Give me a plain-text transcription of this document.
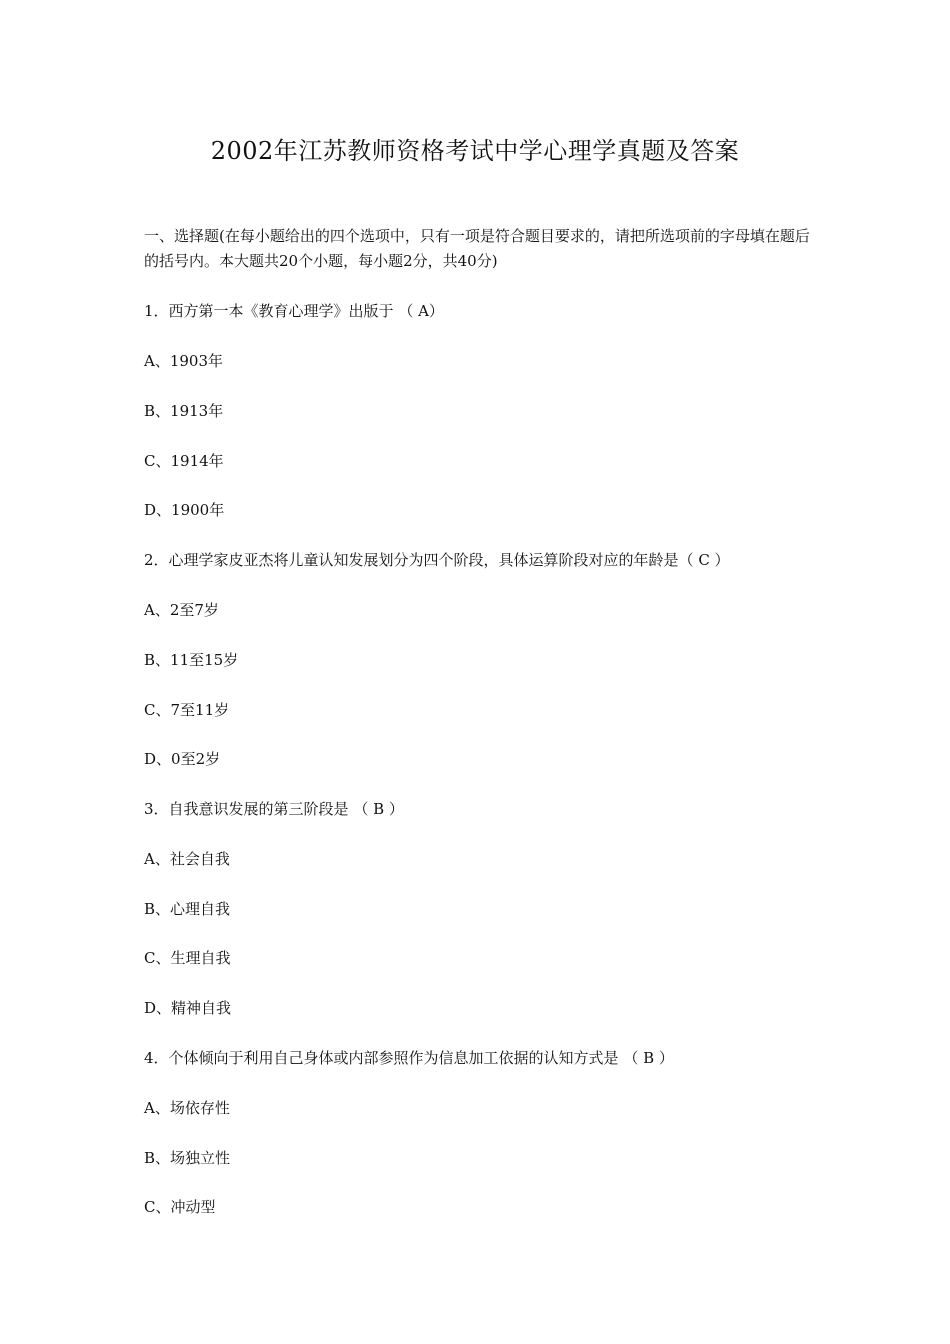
2002年江苏教师资格考试中学心理学真题及答案
一、选择题(在每小题给出的四个选项中，只有一项是符合题目要求的，请把所选项前的字母填在题后的括号内。本大题共20个小题，每小题2分，共40分)
1．西方第一本《教育心理学》出版于 （ A）
A、1903年
B、1913年
C、1914年
D、1900年
2．心理学家皮亚杰将儿童认知发展划分为四个阶段，具体运算阶段对应的年龄是（ C ）
A、2至7岁
B、11至15岁
C、7至11岁
D、0至2岁
3．自我意识发展的第三阶段是 （ B ）
A、社会自我
B、心理自我
C、生理自我
D、精神自我
4．个体倾向于利用自己身体或内部参照作为信息加工依据的认知方式是 （ B ）
A、场依存性
B、场独立性
C、冲动型
